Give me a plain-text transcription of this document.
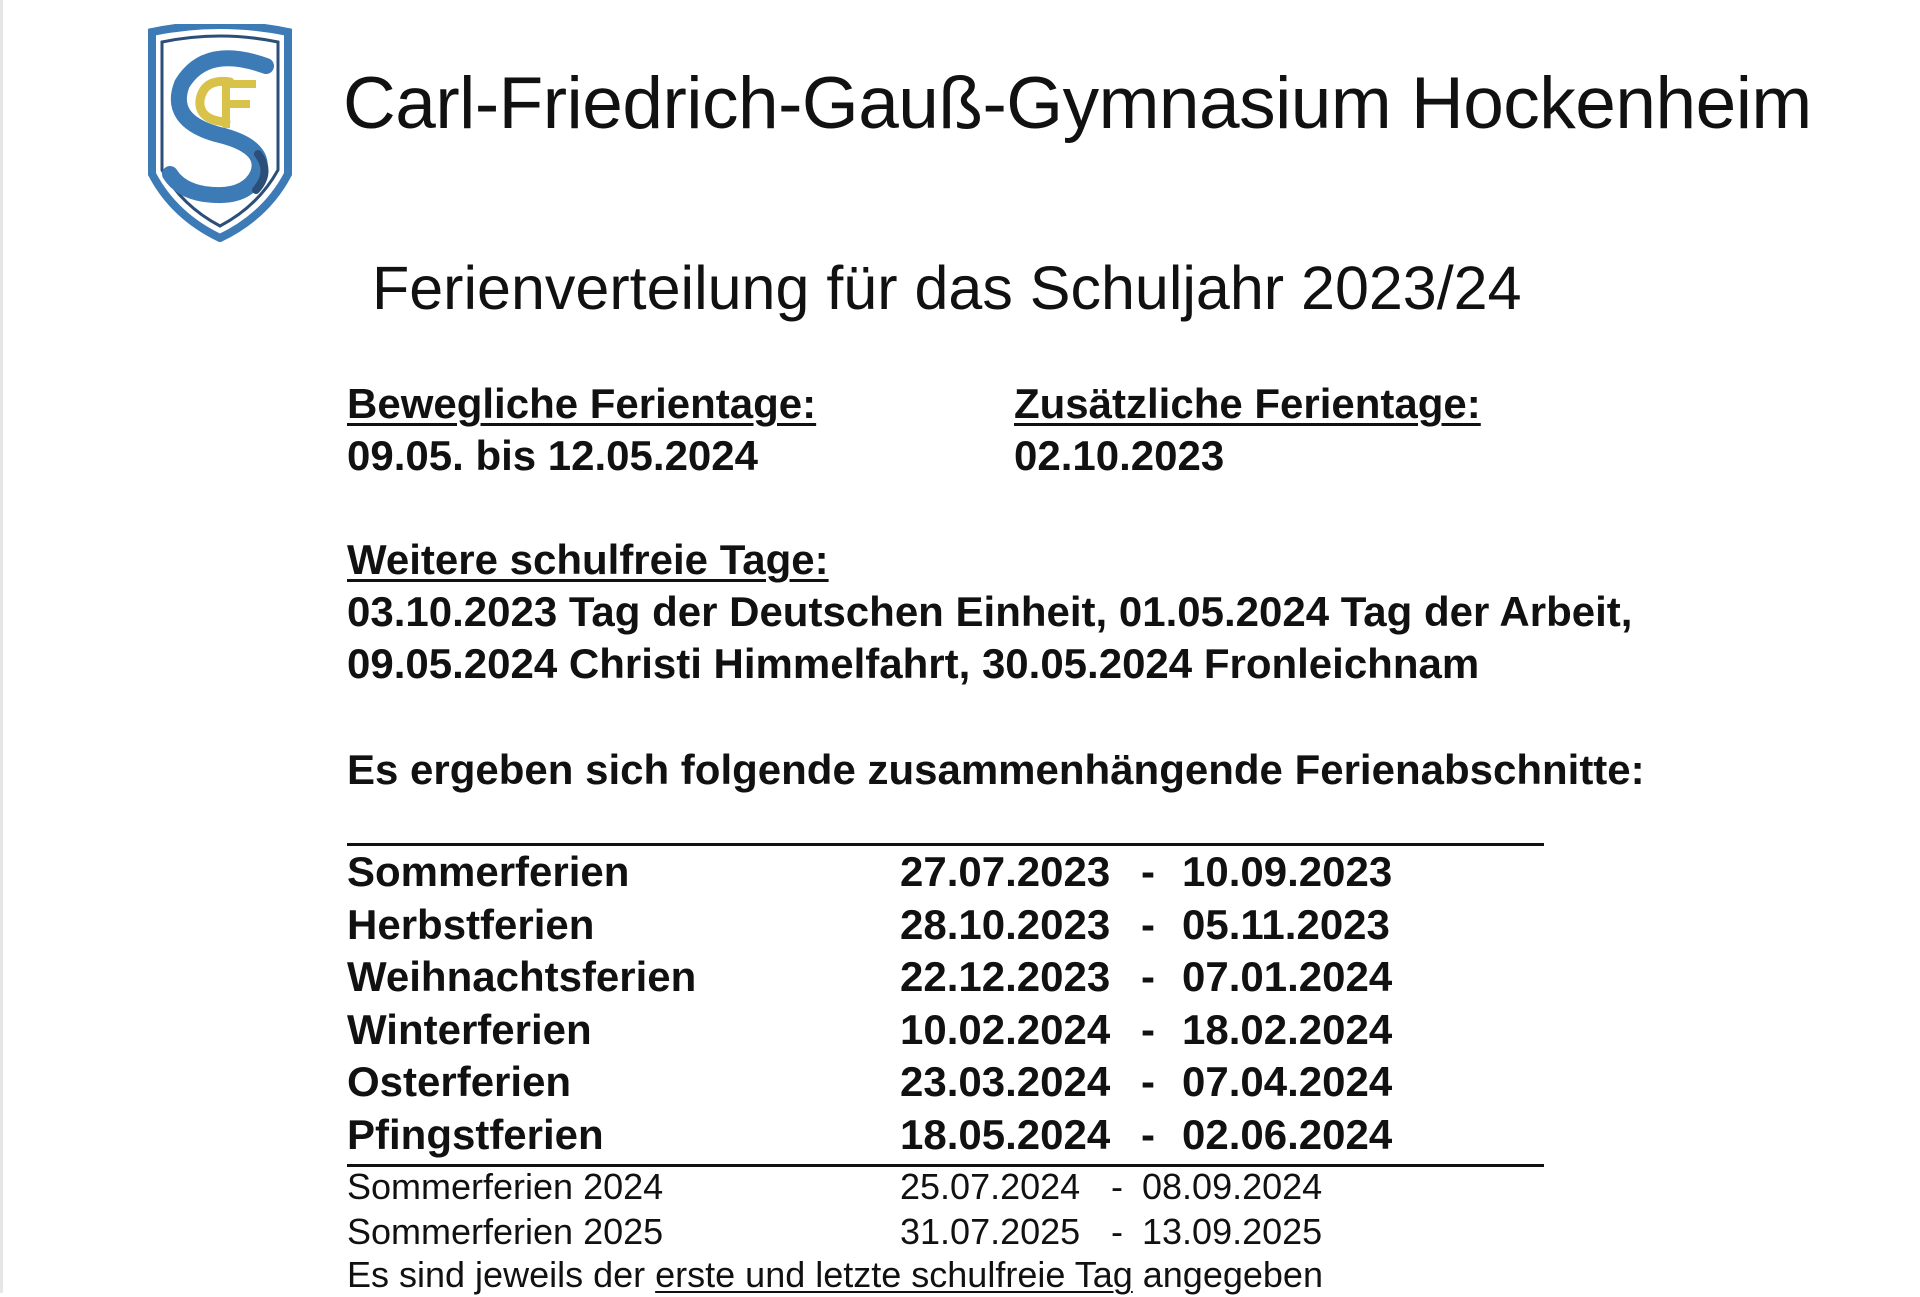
Carl-Friedrich-Gauß-Gymnasium Hockenheim
Ferienverteilung für das Schuljahr 2023/24
Bewegliche Ferientage:
09.05. bis 12.05.2024
Zusätzliche Ferientage:
02.10.2023
Weitere schulfreie Tage:
03.10.2023 Tag der Deutschen Einheit, 01.05.2024 Tag der Arbeit,
09.05.2024 Christi Himmelfahrt, 30.05.2024 Fronleichnam
Es ergeben sich folgende zusammenhängende Ferienabschnitte:
Sommerferien	27.07.2023 - 10.09.2023
Herbstferien	28.10.2023 - 05.11.2023
Weihnachtsferien	22.12.2023 - 07.01.2024
Winterferien	10.02.2024 - 18.02.2024
Osterferien	23.03.2024 - 07.04.2024
Pfingstferien	18.05.2024 - 02.06.2024
Sommerferien 2024	25.07.2024 - 08.09.2024
Sommerferien 2025	31.07.2025 - 13.09.2025
Es sind jeweils der erste und letzte schulfreie Tag angegeben
